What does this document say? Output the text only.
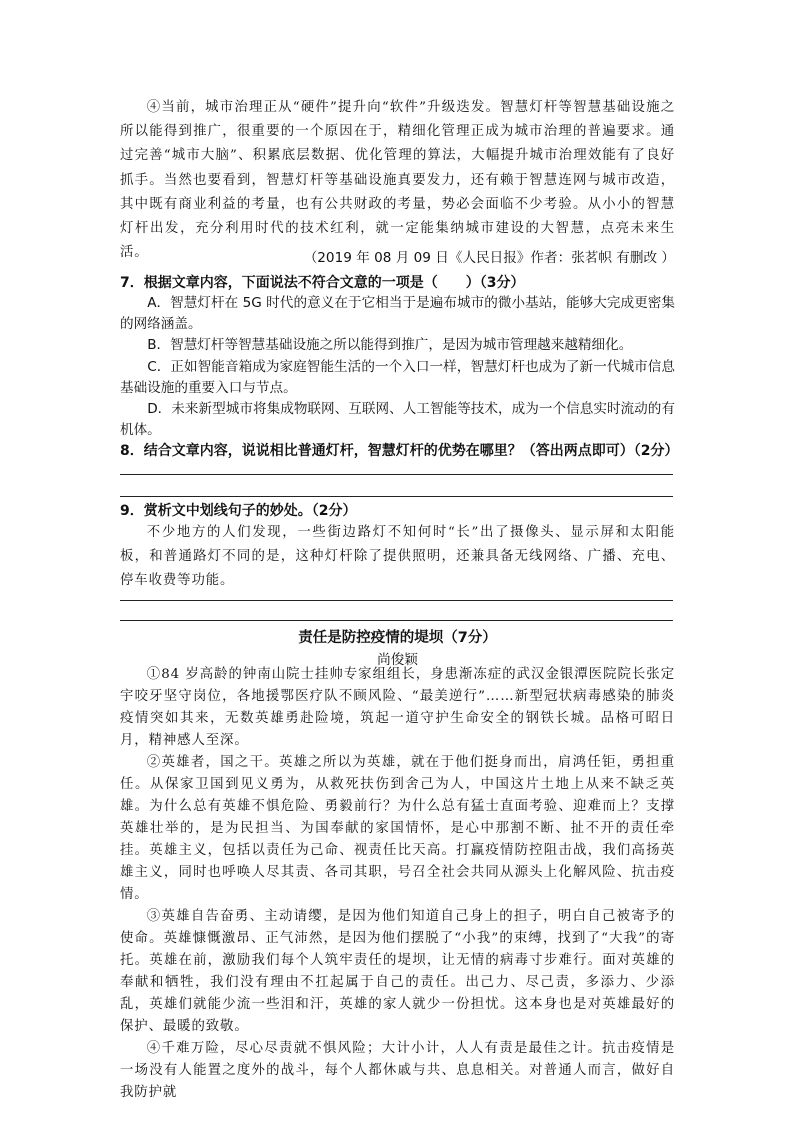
④当前，城市治理正从“硬件”提升向“软件”升级迭发。智慧灯杆等智慧基础设施之所以能得到推广，很重要的一个原因在于，精细化管理正成为城市治理的普遍要求。通过完善“城市大脑”、积累底层数据、优化管理的算法，大幅提升城市治理效能有了良好抓手。当然也要看到，智慧灯杆等基础设施真要发力，还有赖于智慧连网与城市改造，其中既有商业利益的考量，也有公共财政的考量，势必会面临不少考验。从小小的智慧灯杆出发，充分利用时代的技术红利，就一定能集纳城市建设的大智慧，点亮未来生活。	（2019 年 08 月 09 日《人民日报》作者：张茗帜 有删改 ）

7．根据文章内容，下面说法不符合文意的一项是（　　）（3分）

A．智慧灯杆在 5G 时代的意义在于它相当于是遍布城市的微小基站，能够大完成更密集的网络涵盖。

B．智慧灯杆等智慧基础设施之所以能得到推广，是因为城市管理越来越精细化。

C．正如智能音箱成为家庭智能生活的一个入口一样，智慧灯杆也成为了新一代城市信息基础设施的重要入口与节点。

D．未来新型城市将集成物联网、互联网、人工智能等技术，成为一个信息实时流动的有机体。

8．结合文章内容，说说相比普通灯杆，智慧灯杆的优势在哪里？（答出两点即可）（2分）

9．赏析文中划线句子的妙处。（2分）

不少地方的人们发现，一些街边路灯不知何时“长”出了摄像头、显示屏和太阳能板，和普通路灯不同的是，这种灯杆除了提供照明，还兼具备无线网络、广播、充电、停车收费等功能。

责任是防控疫情的堤坝（7分）

尚俊颖

①84 岁高龄的钟南山院士挂帅专家组组长，身患渐冻症的武汉金银潭医院院长张定宇咬牙坚守岗位，各地援鄂医疗队不顾风险、“最美逆行”……新型冠状病毒感染的肺炎疫情突如其来，无数英雄勇赴险境，筑起一道守护生命安全的钢铁长城。品格可昭日月，精神感人至深。

②英雄者，国之干。英雄之所以为英雄，就在于他们挺身而出，肩鸿任钜，勇担重任。从保家卫国到见义勇为，从救死扶伤到舍己为人，中国这片土地上从来不缺乏英雄。为什么总有英雄不惧危险、勇毅前行？为什么总有猛士直面考验、迎难而上？支撑英雄壮举的，是为民担当、为国奉献的家国情怀，是心中那割不断、扯不开的责任牵挂。英雄主义，包括以责任为己命、视责任比天高。打赢疫情防控阻击战，我们高扬英雄主义，同时也呼唤人尽其责、各司其职，号召全社会共同从源头上化解风险、抗击疫情。

③英雄自告奋勇、主动请缨，是因为他们知道自己身上的担子，明白自己被寄予的使命。英雄慷慨激昂、正气沛然，是因为他们摆脱了“小我”的束缚，找到了“大我”的寄托。英雄在前，激励我们每个人筑牢责任的堤坝，让无情的病毒寸步难行。面对英雄的奉献和牺牲，我们没有理由不扛起属于自己的责任。出己力、尽己责，多添力、少添乱，英雄们就能少流一些泪和汗，英雄的家人就少一份担忧。这本身也是对英雄最好的保护、最暖的致敬。

④千难万险，尽心尽责就不惧风险；大计小计，人人有责是最佳之计。抗击疫情是一场没有人能置之度外的战斗，每个人都休戚与共、息息相关。对普通人而言，做好自我防护就
